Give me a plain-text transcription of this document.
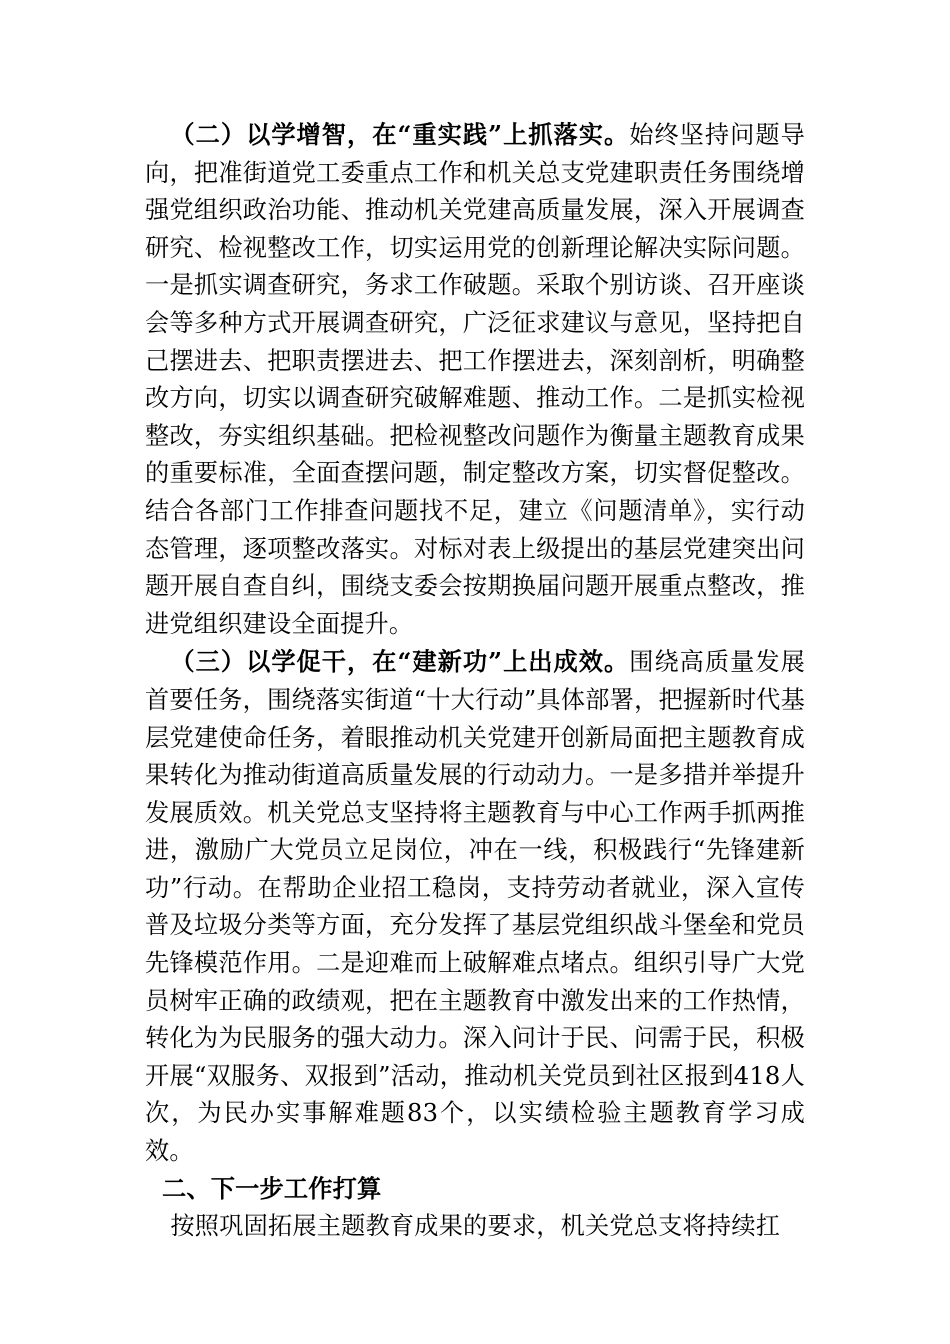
（二）以学增智，在“重实践”上抓落实。始终坚持问题导向，把准街道党工委重点工作和机关总支党建职责任务围绕增强党组织政治功能、推动机关党建高质量发展，深入开展调查研究、检视整改工作，切实运用党的创新理论解决实际问题。一是抓实调查研究，务求工作破题。采取个别访谈、召开座谈会等多种方式开展调查研究，广泛征求建议与意见，坚持把自己摆进去、把职责摆进去、把工作摆进去，深刻剖析，明确整改方向，切实以调查研究破解难题、推动工作。二是抓实检视整改，夯实组织基础。把检视整改问题作为衡量主题教育成果的重要标准，全面查摆问题，制定整改方案，切实督促整改。结合各部门工作排查问题找不足，建立《问题清单》，实行动态管理，逐项整改落实。对标对表上级提出的基层党建突出问题开展自查自纠，围绕支委会按期换届问题开展重点整改，推进党组织建设全面提升。

（三）以学促干，在“建新功”上出成效。围绕高质量发展首要任务，围绕落实街道“十大行动”具体部署，把握新时代基层党建使命任务，着眼推动机关党建开创新局面把主题教育成果转化为推动街道高质量发展的行动动力。一是多措并举提升发展质效。机关党总支坚持将主题教育与中心工作两手抓两推进，激励广大党员立足岗位，冲在一线，积极践行“先锋建新功”行动。在帮助企业招工稳岗，支持劳动者就业，深入宣传普及垃圾分类等方面，充分发挥了基层党组织战斗堡垒和党员先锋模范作用。二是迎难而上破解难点堵点。组织引导广大党员树牢正确的政绩观，把在主题教育中激发出来的工作热情，转化为为民服务的强大动力。深入问计于民、问需于民，积极开展“双服务、双报到”活动，推动机关党员到社区报到418人次，为民办实事解难题83个，以实绩检验主题教育学习成效。

二、下一步工作打算

按照巩固拓展主题教育成果的要求，机关党总支将持续扛
